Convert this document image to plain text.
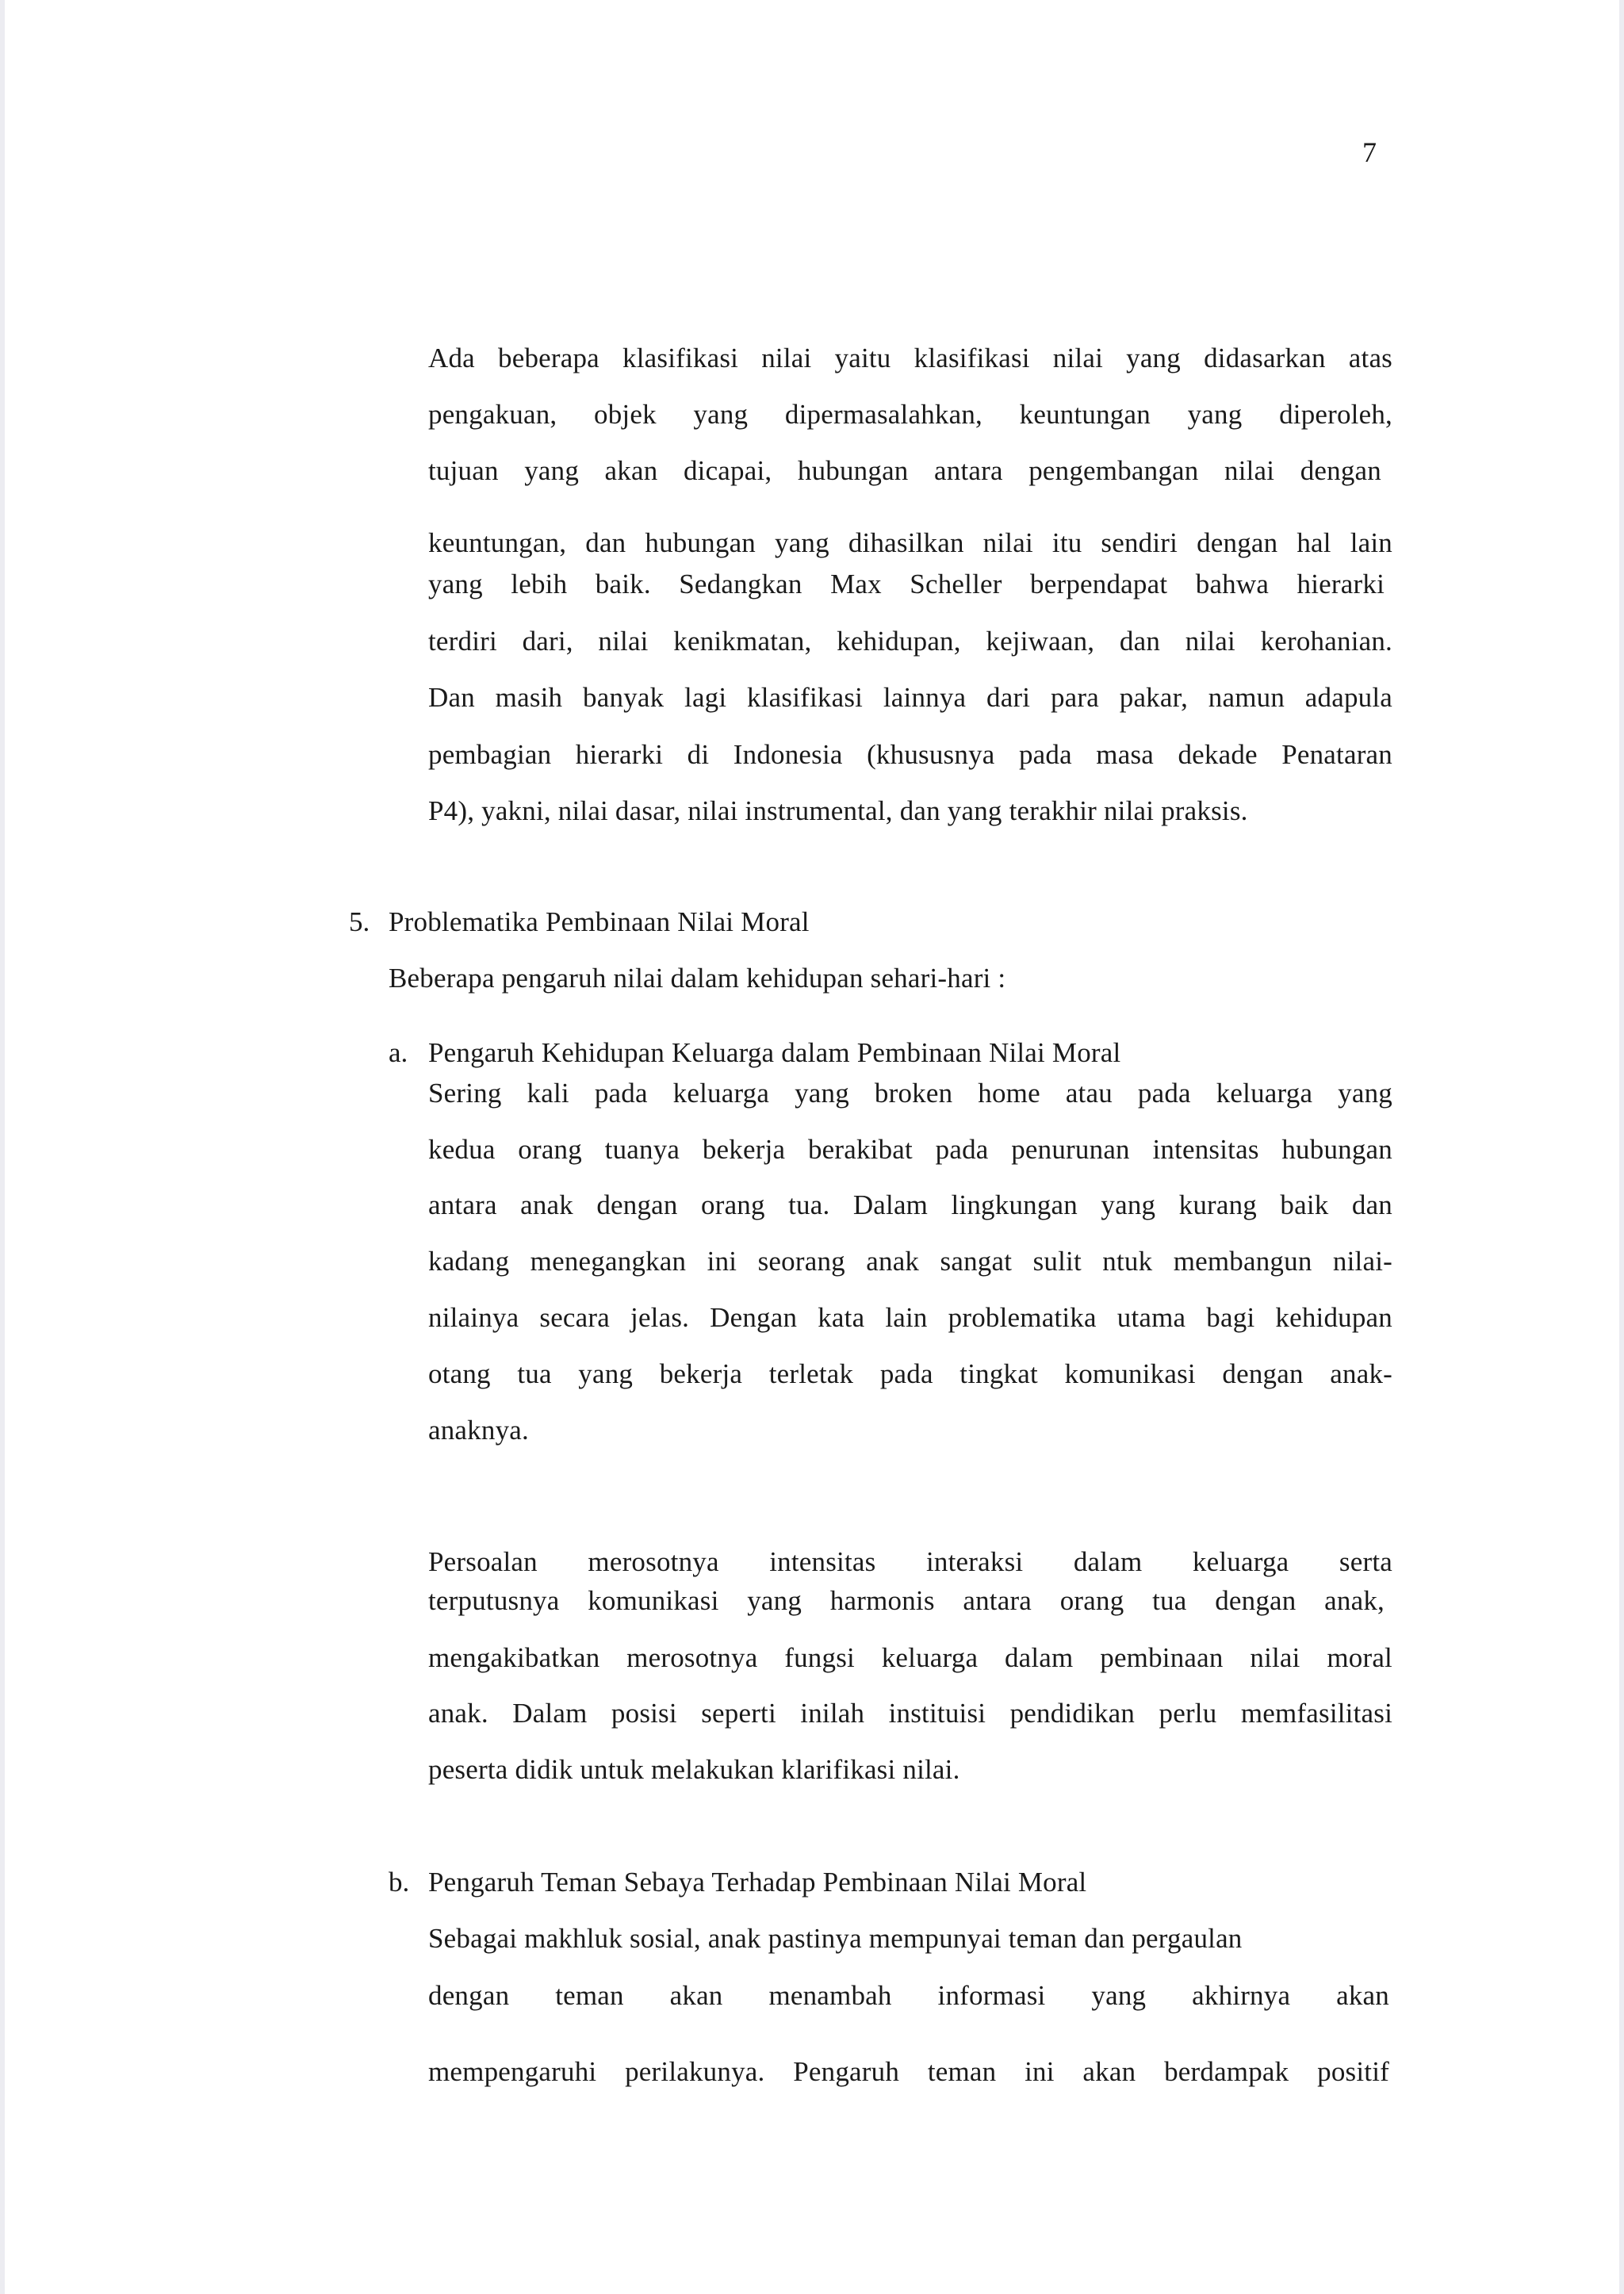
7
Ada beberapa klasifikasi nilai yaitu klasifikasi nilai yang didasarkan atas
pengakuan, objek yang dipermasalahkan, keuntungan yang diperoleh,
tujuan yang akan dicapai, hubungan antara pengembangan nilai dengan
keuntungan, dan hubungan yang dihasilkan nilai itu sendiri dengan hal lain
yang lebih baik. Sedangkan Max Scheller berpendapat bahwa hierarki
terdiri dari, nilai kenikmatan, kehidupan, kejiwaan, dan nilai kerohanian.
Dan masih banyak lagi klasifikasi lainnya dari para pakar, namun adapula
pembagian hierarki di Indonesia (khususnya pada masa dekade Penataran
P4), yakni, nilai dasar, nilai instrumental, dan yang terakhir nilai praksis.
5. Problematika Pembinaan Nilai Moral
Beberapa pengaruh nilai dalam kehidupan sehari-hari :
a. Pengaruh Kehidupan Keluarga dalam Pembinaan Nilai Moral
Sering kali pada keluarga yang broken home atau pada keluarga yang
kedua orang tuanya bekerja berakibat pada penurunan intensitas hubungan
antara anak dengan orang tua. Dalam lingkungan yang kurang baik dan
kadang menegangkan ini seorang anak sangat sulit ntuk membangun nilai-
nilainya secara jelas. Dengan kata lain problematika utama bagi kehidupan
otang tua yang bekerja terletak pada tingkat komunikasi dengan anak-
anaknya.
Persoalan merosotnya intensitas interaksi dalam keluarga serta
terputusnya komunikasi yang harmonis antara orang tua dengan anak,
mengakibatkan merosotnya fungsi keluarga dalam pembinaan nilai moral
anak. Dalam posisi seperti inilah instituisi pendidikan perlu memfasilitasi
peserta didik untuk melakukan klarifikasi nilai.
b. Pengaruh Teman Sebaya Terhadap Pembinaan Nilai Moral
Sebagai makhluk sosial, anak pastinya mempunyai teman dan pergaulan
dengan teman akan menambah informasi yang akhirnya akan
mempengaruhi perilakunya. Pengaruh teman ini akan berdampak positif
